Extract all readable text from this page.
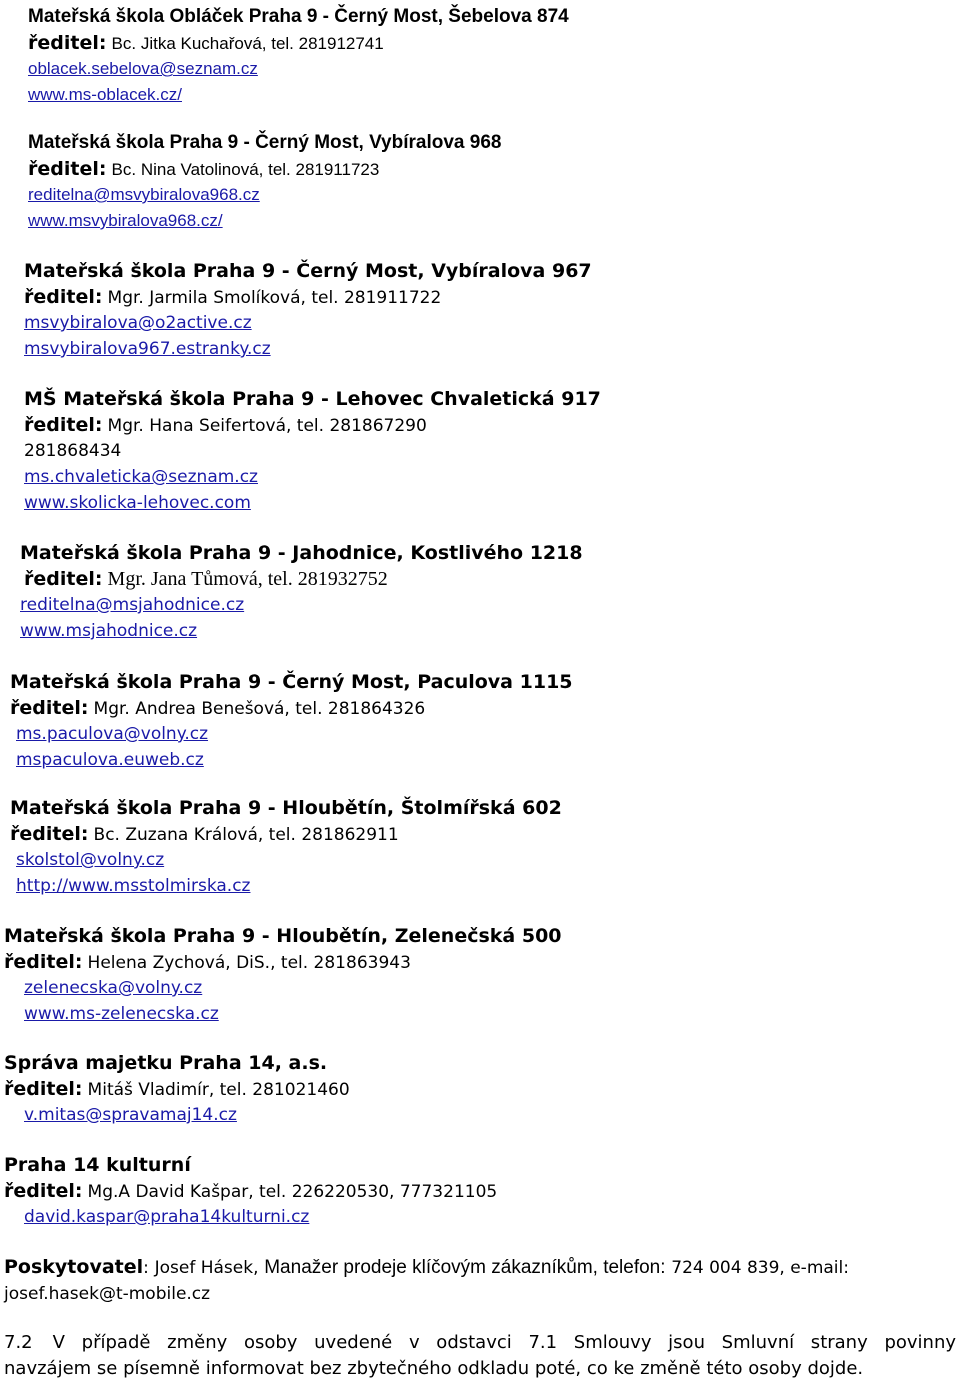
Mateřská škola Obláček Praha 9 - Černý Most, Šebelova 874
ředitel: Bc. Jitka Kuchařová, tel. 281912741
oblacek.sebelova@seznam.cz
www.ms-oblacek.cz/
Mateřská škola Praha 9 - Černý Most, Vybíralova 968
ředitel: Bc. Nina Vatolinová, tel. 281911723
reditelna@msvybiralova968.cz
www.msvybiralova968.cz/
Mateřská škola Praha 9 - Černý Most, Vybíralova 967
ředitel: Mgr. Jarmila Smolíková, tel. 281911722
msvybiralova@o2active.cz
msvybiralova967.estranky.cz
MŠ Mateřská škola Praha 9 - Lehovec Chvaletická 917
ředitel: Mgr. Hana Seifertová, tel. 281867290
281868434
ms.chvaleticka@seznam.cz
www.skolicka-lehovec.com
Mateřská škola Praha 9 - Jahodnice, Kostlivého 1218
ředitel: Mgr. Jana Tůmová, tel. 281932752
reditelna@msjahodnice.cz
www.msjahodnice.cz
Mateřská škola Praha 9 - Černý Most, Paculova 1115
ředitel: Mgr. Andrea Benešová, tel. 281864326
ms.paculova@volny.cz
mspaculova.euweb.cz
Mateřská škola Praha 9 - Hloubětín, Štolmířská 602
ředitel: Bc. Zuzana Králová, tel. 281862911
skolstol@volny.cz
http://www.msstolmirska.cz
Mateřská škola Praha 9 - Hloubětín, Zelenečská 500
ředitel: Helena Zychová, DiS., tel. 281863943
zelenecska@volny.cz
www.ms-zelenecska.cz
Správa majetku Praha 14, a.s.
ředitel: Mitáš Vladimír, tel. 281021460
v.mitas@spravamaj14.cz
Praha 14 kulturní
ředitel: Mg.A David Kašpar, tel. 226220530, 777321105
david.kaspar@praha14kulturni.cz
Poskytovatel: Josef Hásek, Manažer prodeje klíčovým zákazníkům, telefon: 724 004 839, e-mail:
josef.hasek@t-mobile.cz
7.2 V případě změny osoby uvedené v odstavci 7.1 Smlouvy jsou Smluvní strany povinny
navzájem se písemně informovat bez zbytečného odkladu poté, co ke změně této osoby dojde.
